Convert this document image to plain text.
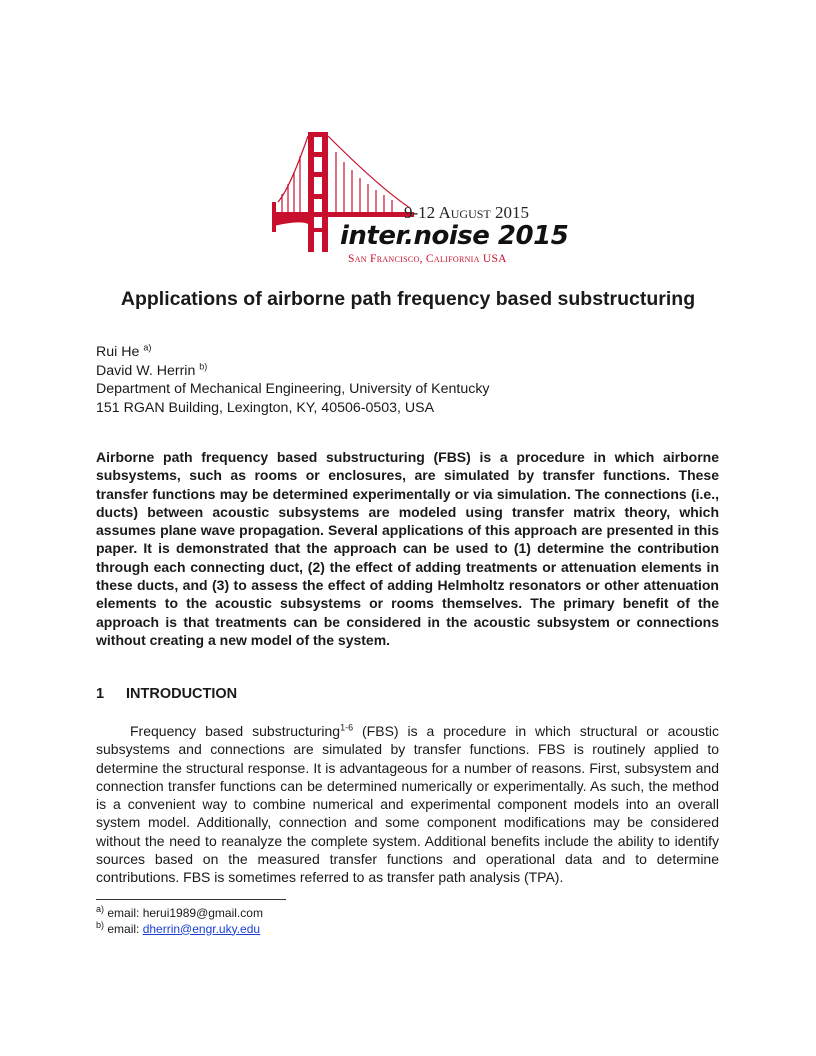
9-12 August 2015
inter.noise 2015
San Francisco, California USA
Applications of airborne path frequency based substructuring
Rui He $^{a)}$
David W. Herrin $^{b)}$
Department of Mechanical Engineering, University of Kentucky
151 RGAN Building, Lexington, KY, 40506-0503, USA

Airborne path frequency based substructuring (FBS) is a procedure in which airborne subsystems, such as rooms or enclosures, are simulated by transfer functions. These transfer functions may be determined experimentally or via simulation. The connections (i.e., ducts) between acoustic subsystems are modeled using transfer matrix theory, which assumes plane wave propagation. Several applications of this approach are presented in this paper. It is demonstrated that the approach can be used to (1) determine the contribution through each connecting duct, (2) the effect of adding treatments or attenuation elements in these ducts, and (3) to assess the effect of adding Helmholtz resonators or other attenuation elements to the acoustic subsystems or rooms themselves. The primary benefit of the approach is that treatments can be considered in the acoustic subsystem or connections without creating a new model of the system.

1 INTRODUCTION

Frequency based substructuring$^{1-6}$ (FBS) is a procedure in which structural or acoustic subsystems and connections are simulated by transfer functions. FBS is routinely applied to determine the structural response. It is advantageous for a number of reasons. First, subsystem and connection transfer functions can be determined numerically or experimentally. As such, the method is a convenient way to combine numerical and experimental component models into an overall system model. Additionally, connection and some component modifications may be considered without the need to reanalyze the complete system. Additional benefits include the ability to identify sources based on the measured transfer functions and operational data and to determine contributions. FBS is sometimes referred to as transfer path analysis (TPA).

$^{a)}$ email: herui1989@gmail.com
$^{b)}$ email: dherrin@engr.uky.edu
